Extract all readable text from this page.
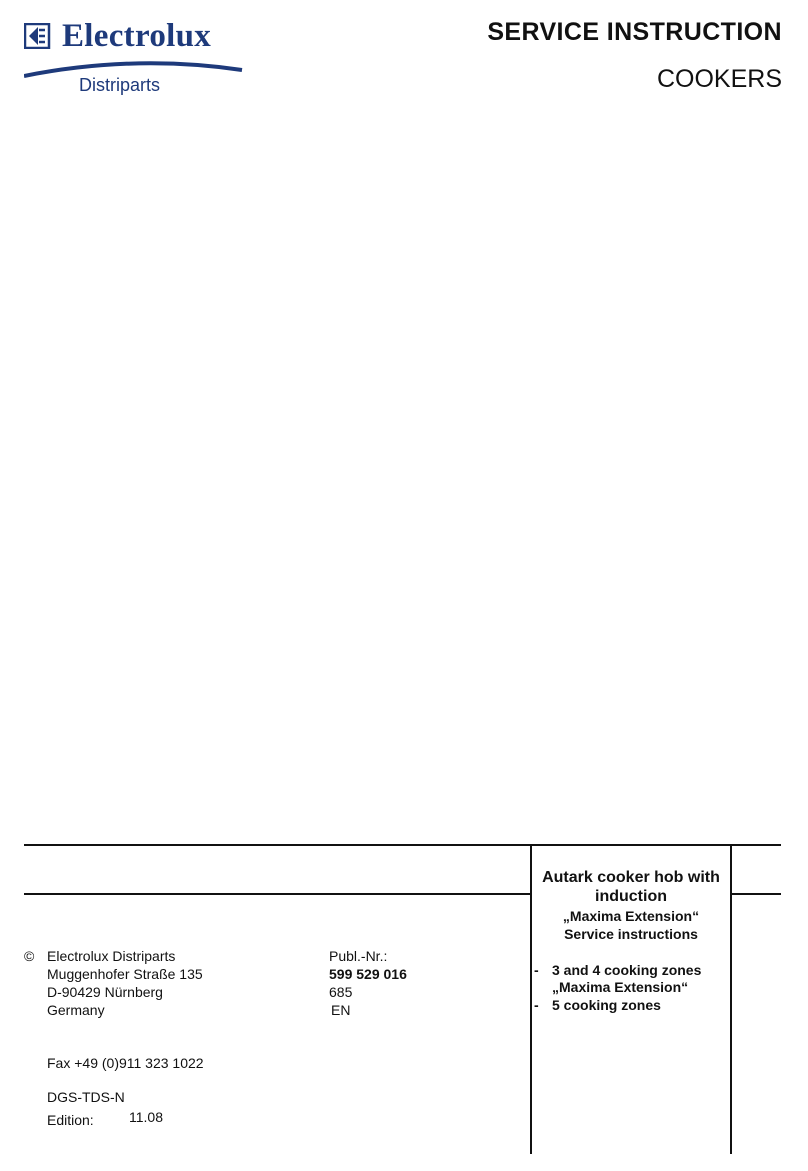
Electrolux
Distriparts
SERVICE INSTRUCTION
COOKERS
© Electrolux Distriparts
Muggenhofer Straße 135
D-90429 Nürnberg
Germany
Fax +49 (0)911 323 1022
DGS-TDS-N
Edition:	11.08
Publ.-Nr.:
599 529 016
685
EN
Autark cooker hob with induction
„Maxima Extension“
Service instructions
- 3 and 4 cooking zones
„Maxima Extension“
- 5 cooking zones
